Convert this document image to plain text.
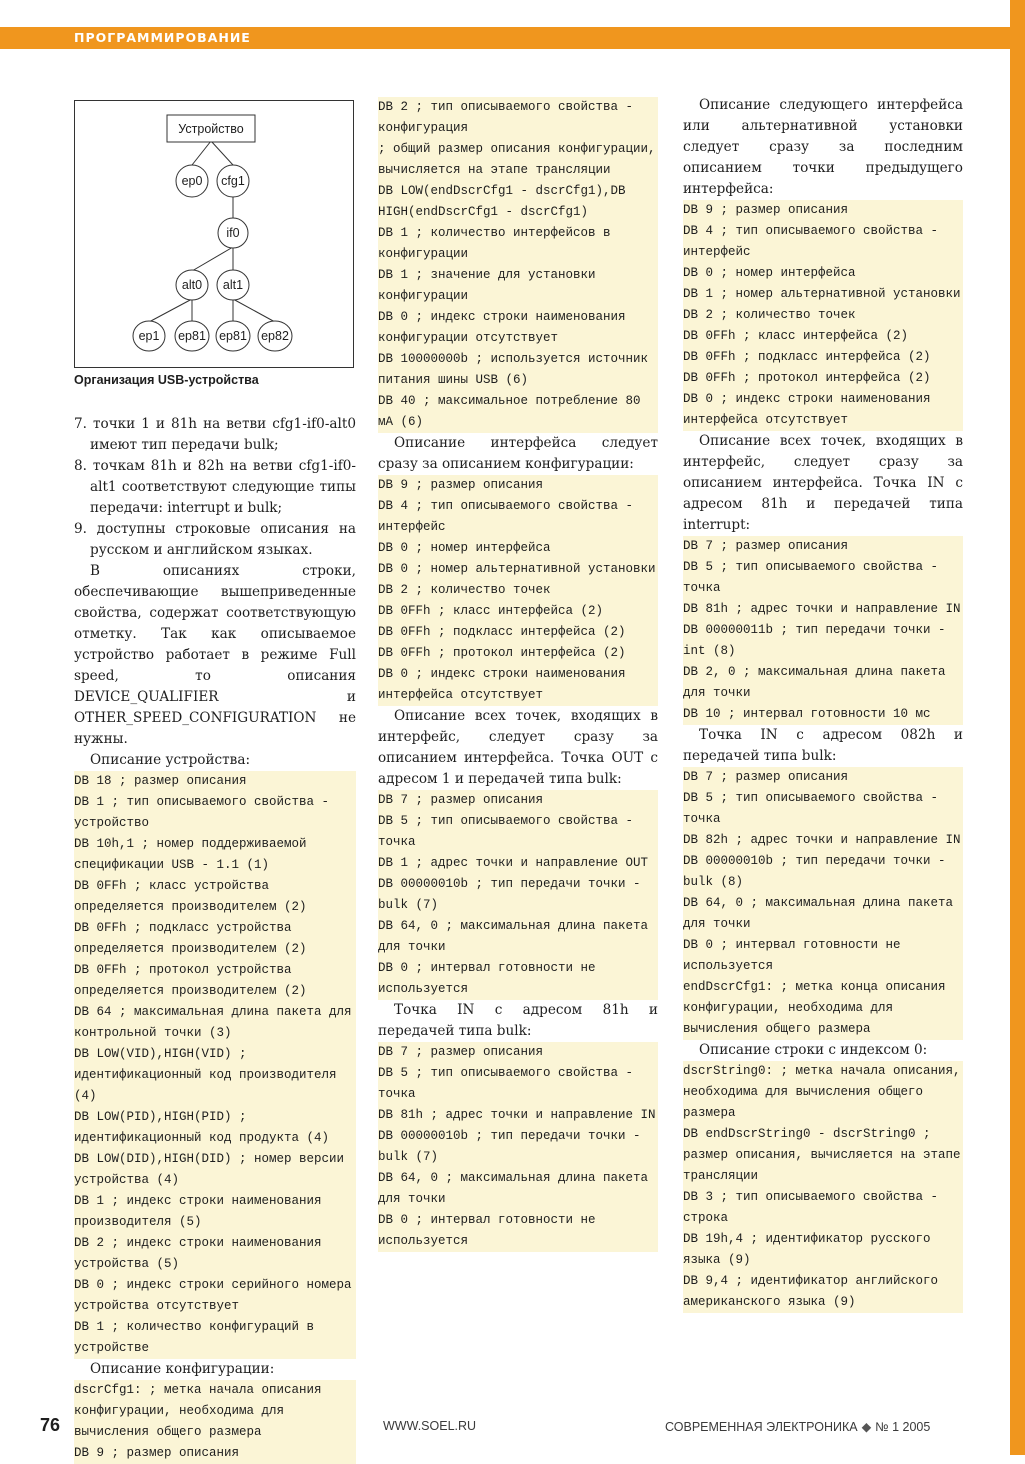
ПРОГРАММИРОВАНИЕ
Устройство
ep0 cfg1
if0
alt0 alt1
ep1 ep81 ep81 ep82
Организация USB-устройства

7. точки 1 и 81h на ветви cfg1-if0-alt0 имеют тип передачи bulk;

8. точкам 81h и 82h на ветви cfg1-if0-alt1 соответствуют следующие типы передачи: interrupt и bulk;

9. доступны строковые описания на русском и английском языках.

В описаниях строки, обеспечивающие вышеприведенные свойства, содержат соответствующую отметку. Так как описываемое устройство работает в режиме Full speed, то описания DEVICE_QUALIFIER и OTHER_SPEED_CONFIGURATION не нужны.

Описание устройства:

DB 18 ; размер описания
DB 1 ; тип описываемого свойства - устройство
DB 10h,1 ; номер поддерживаемой спецификации USB - 1.1 (1)
DB 0FFh ; класс устройства определяется производителем (2)
DB 0FFh ; подкласс устройства определяется производителем (2)
DB 0FFh ; протокол устройства определяется производителем (2)
DB 64 ; максимальная длина пакета для контрольной точки (3)
DB LOW(VID),HIGH(VID) ; идентификационный код производителя (4)
DB LOW(PID),HIGH(PID) ; идентификационный код продукта (4)
DB LOW(DID),HIGH(DID) ; номер версии устройства (4)
DB 1 ; индекс строки наименования производителя (5)
DB 2 ; индекс строки наименования устройства (5)
DB 0 ; индекс строки серийного номера устройства отсутствует
DB 1 ; количество конфигураций в устройстве

Описание конфигурации:

dscrCfg1: ; метка начала описания конфигурации, необходима для вычисления общего размера
DB 9 ; размер описания
DB 2 ; тип описываемого свойства - конфигурация
; общий размер описания конфигурации, вычисляется на этапе трансляции
DB LOW(endDscrCfg1 - dscrCfg1),DB HIGH(endDscrCfg1 - dscrCfg1)
DB 1 ; количество интерфейсов в конфигурации
DB 1 ; значение для установки конфигурации
DB 0 ; индекс строки наименования конфигурации отсутствует
DB 10000000b ; используется источник питания шины USB (6)
DB 40 ; максимальное потребление 80 мА (6)

Описание интерфейса следует сразу за описанием конфигурации:

DB 9 ; размер описания
DB 4 ; тип описываемого свойства - интерфейс
DB 0 ; номер интерфейса
DB 0 ; номер альтернативной установки
DB 2 ; количество точек
DB 0FFh ; класс интерфейса (2)
DB 0FFh ; подкласс интерфейса (2)
DB 0FFh ; протокол интерфейса (2)
DB 0 ; индекс строки наименования интерфейса отсутствует

Описание всех точек, входящих в интерфейс, следует сразу за описанием интерфейса. Точка OUT с адресом 1 и передачей типа bulk:

DB 7 ; размер описания
DB 5 ; тип описываемого свойства - точка
DB 1 ; адрес точки и направление OUT
DB 00000010b ; тип передачи точки - bulk (7)
DB 64, 0 ; максимальная длина пакета для точки
DB 0 ; интервал готовности не используется

Точка IN с адресом 81h и передачей типа bulk:

DB 7 ; размер описания
DB 5 ; тип описываемого свойства - точка
DB 81h ; адрес точки и направление IN
DB 00000010b ; тип передачи точки - bulk (7)
DB 64, 0 ; максимальная длина пакета для точки
DB 0 ; интервал готовности не используется

Описание следующего интерфейса или альтернативной установки следует сразу за последним описанием точки предыдущего интерфейса:

DB 9 ; размер описания
DB 4 ; тип описываемого свойства - интерфейс
DB 0 ; номер интерфейса
DB 1 ; номер альтернативной установки
DB 2 ; количество точек
DB 0FFh ; класс интерфейса (2)
DB 0FFh ; подкласс интерфейса (2)
DB 0FFh ; протокол интерфейса (2)
DB 0 ; индекс строки наименования интерфейса отсутствует

Описание всех точек, входящих в интерфейс, следует сразу за описанием интерфейса. Точка IN с адресом 81h и передачей типа interrupt:

DB 7 ; размер описания
DB 5 ; тип описываемого свойства - точка
DB 81h ; адрес точки и направление IN
DB 00000011b ; тип передачи точки - int (8)
DB 2, 0 ; максимальная длина пакета для точки
DB 10 ; интервал готовности 10 мс

Точка IN с адресом 082h и передачей типа bulk:

DB 7 ; размер описания
DB 5 ; тип описываемого свойства - точка
DB 82h ; адрес точки и направление IN
DB 00000010b ; тип передачи точки - bulk (8)
DB 64, 0 ; максимальная длина пакета для точки
DB 0 ; интервал готовности не используется
endDscrCfg1: ; метка конца описания конфигурации, необходима для вычисления общего размера

Описание строки с индексом 0:

dscrString0: ; метка начала описания, необходима для вычисления общего размера
DB endDscrString0 - dscrString0 ; размер описания, вычисляется на этапе трансляции
DB 3 ; тип описываемого свойства - строка
DB 19h,4 ; идентификатор русского языка (9)
DB 9,4 ; идентификатор английского американского языка (9)
76	WWW.SOEL.RU	СОВРЕМЕННАЯ ЭЛЕКТРОНИКА ◆ № 1 2005
